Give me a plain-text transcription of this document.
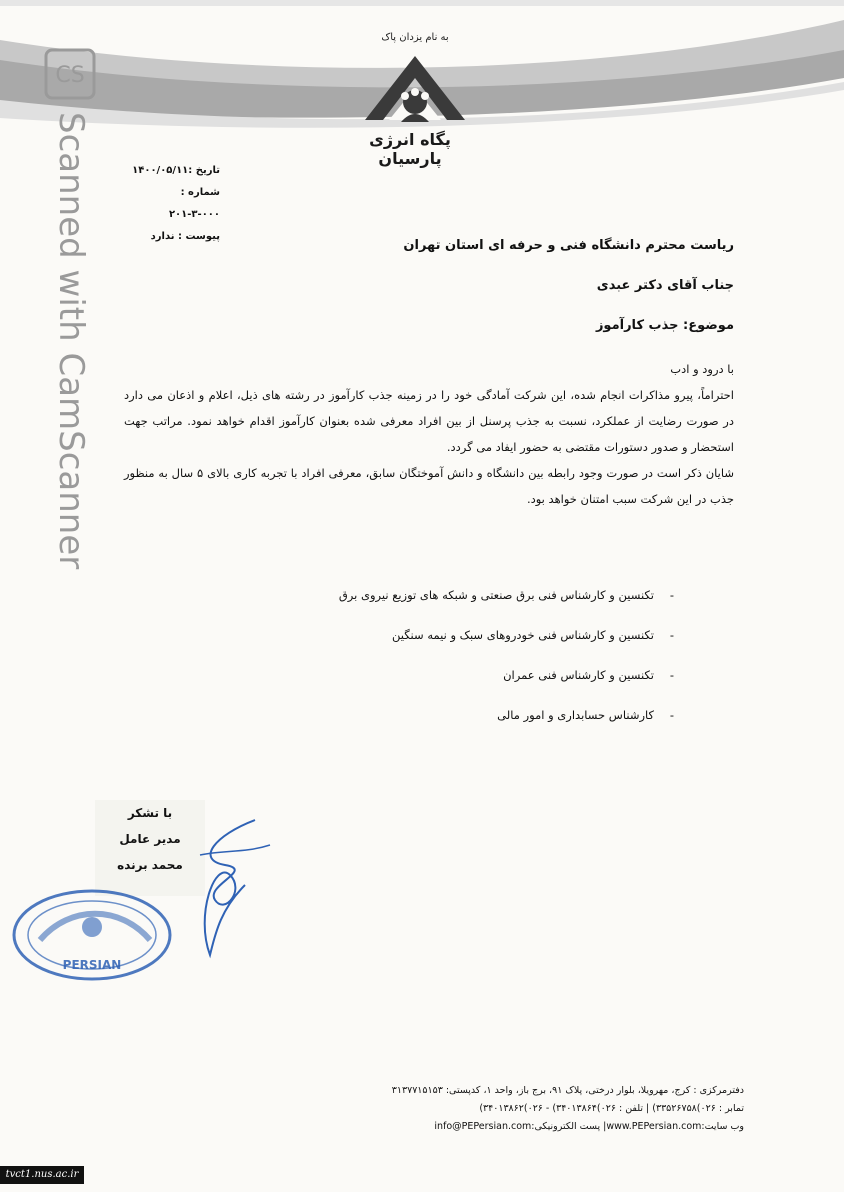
به نام یزدان پاک
پگاه انرژی پارسیان
تاریخ :۱۴۰۰/۰۵/۱۱
شماره : ۰۰۰-۳-۲۰۱
پیوست : ندارد
CS
Scanned with CamScanner	ریاست محترم دانشگاه فنی و حرفه ای استان تهران
جناب آقای دکتر عبدی
موضوع: جذب کارآموز

با درود و ادب

احتراماً، پیرو مذاکرات انجام شده، این شرکت آمادگی خود را در زمینه جذب کارآموز در رشته های ذیل، اعلام و اذعان می دارد در صورت رضایت از عملکرد، نسبت به جذب پرسنل از بین افراد معرفی شده بعنوان کارآموز اقدام خواهد نمود. مراتب جهت استحضار و صدور دستورات مقتضی به حضور ایفاد می گردد.

شایان ذکر است در صورت وجود رابطه بین دانشگاه و دانش آموختگان سابق، معرفی افراد با تجربه کاری بالای ۵ سال به منظور جذب در این شرکت سبب امتنان خواهد بود.

-تکنسین و کارشناس فنی برق صنعتی و شبکه های توزیع نیروی برق
-تکنسین و کارشناس فنی خودروهای سبک و نیمه سنگین
-تکنسین و کارشناس فنی عمران
-کارشناس حسابداری و امور مالی
با تشکر
مدیر عامل
محمد برنده
PERSIAN
دفترمرکزی : کرج، مهرویلا، بلوار درختی، پلاک ۹۱، برج باز، واحد ۱، کدپستی: ۳۱۳۷۷۱۵۱۵۳
تمابر : ۰۲۶)۳۳۵۲۶۷۵۸) | تلفن : ۰۲۶)۳۴۰۱۳۸۶۴) - ۰۲۶)۳۴۰۱۳۸۶۲)
وب سایت:www.PEPersian.com| پست الکترونیکی:info@PEPersian.com
tvct1.nus.ac.ir
